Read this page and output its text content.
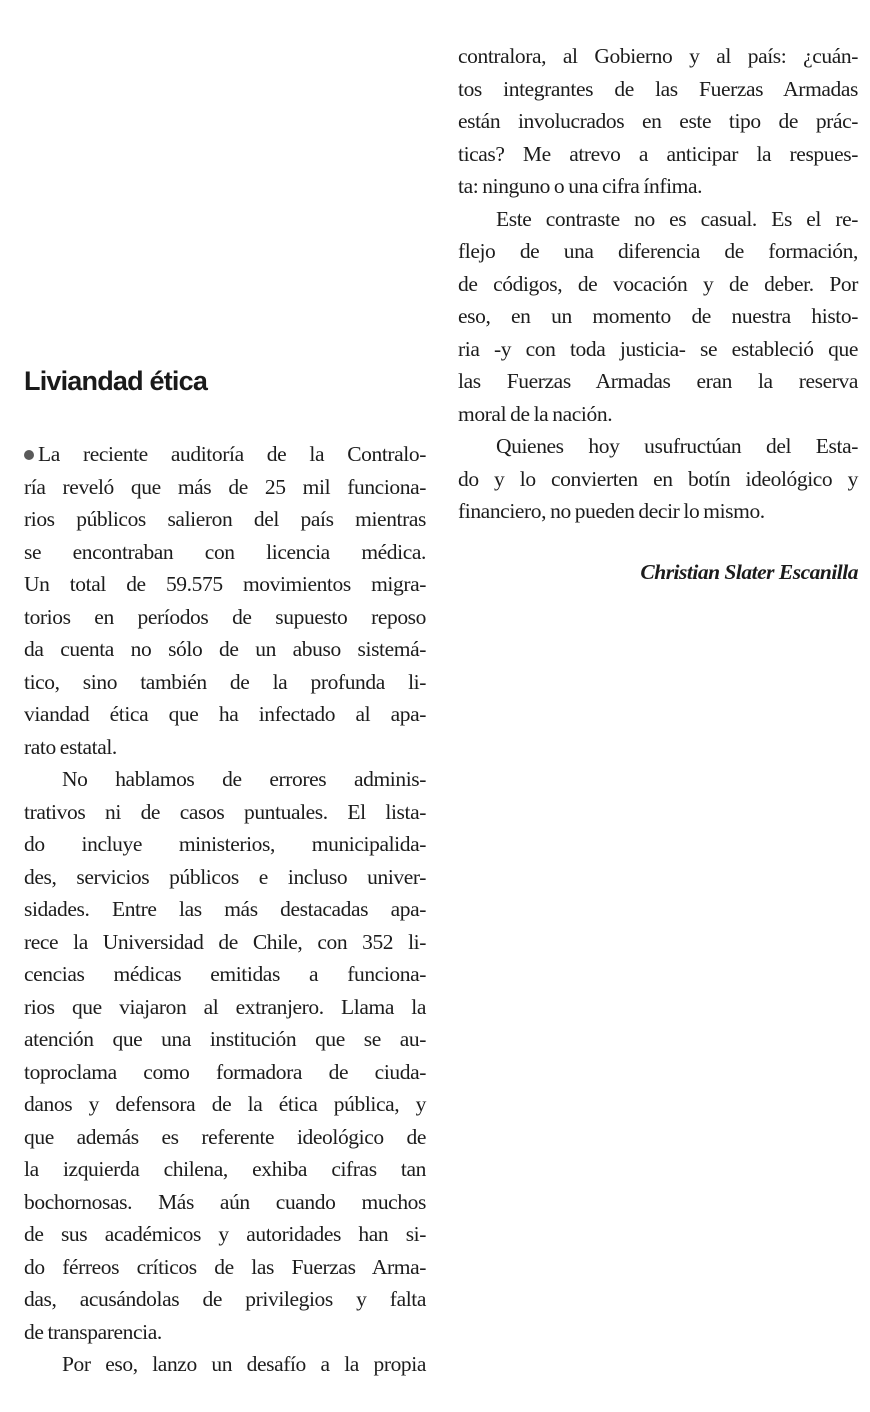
Liviandad ética
La reciente auditoría de la Contralo-
ría reveló que más de 25 mil funciona-
rios públicos salieron del país mientras
se encontraban con licencia médica.
Un total de 59.575 movimientos migra-
torios en períodos de supuesto reposo
da cuenta no sólo de un abuso sistemá-
tico, sino también de la profunda li-
viandad ética que ha infectado al apa-
rato estatal.
No hablamos de errores adminis-
trativos ni de casos puntuales. El lista-
do incluye ministerios, municipalida-
des, servicios públicos e incluso univer-
sidades. Entre las más destacadas apa-
rece la Universidad de Chile, con 352 li-
cencias médicas emitidas a funciona-
rios que viajaron al extranjero. Llama la
atención que una institución que se au-
toproclama como formadora de ciuda-
danos y defensora de la ética pública, y
que además es referente ideológico de
la izquierda chilena, exhiba cifras tan
bochornosas. Más aún cuando muchos
de sus académicos y autoridades han si-
do férreos críticos de las Fuerzas Arma-
das, acusándolas de privilegios y falta
de transparencia.
Por eso, lanzo un desafío a la propia
contralora, al Gobierno y al país: ¿cuán-
tos integrantes de las Fuerzas Armadas
están involucrados en este tipo de prác-
ticas? Me atrevo a anticipar la respues-
ta: ninguno o una cifra ínfima.
Este contraste no es casual. Es el re-
flejo de una diferencia de formación,
de códigos, de vocación y de deber. Por
eso, en un momento de nuestra histo-
ria -y con toda justicia- se estableció que
las Fuerzas Armadas eran la reserva
moral de la nación.
Quienes hoy usufructúan del Esta-
do y lo convierten en botín ideológico y
financiero, no pueden decir lo mismo.
Christian Slater Escanilla
